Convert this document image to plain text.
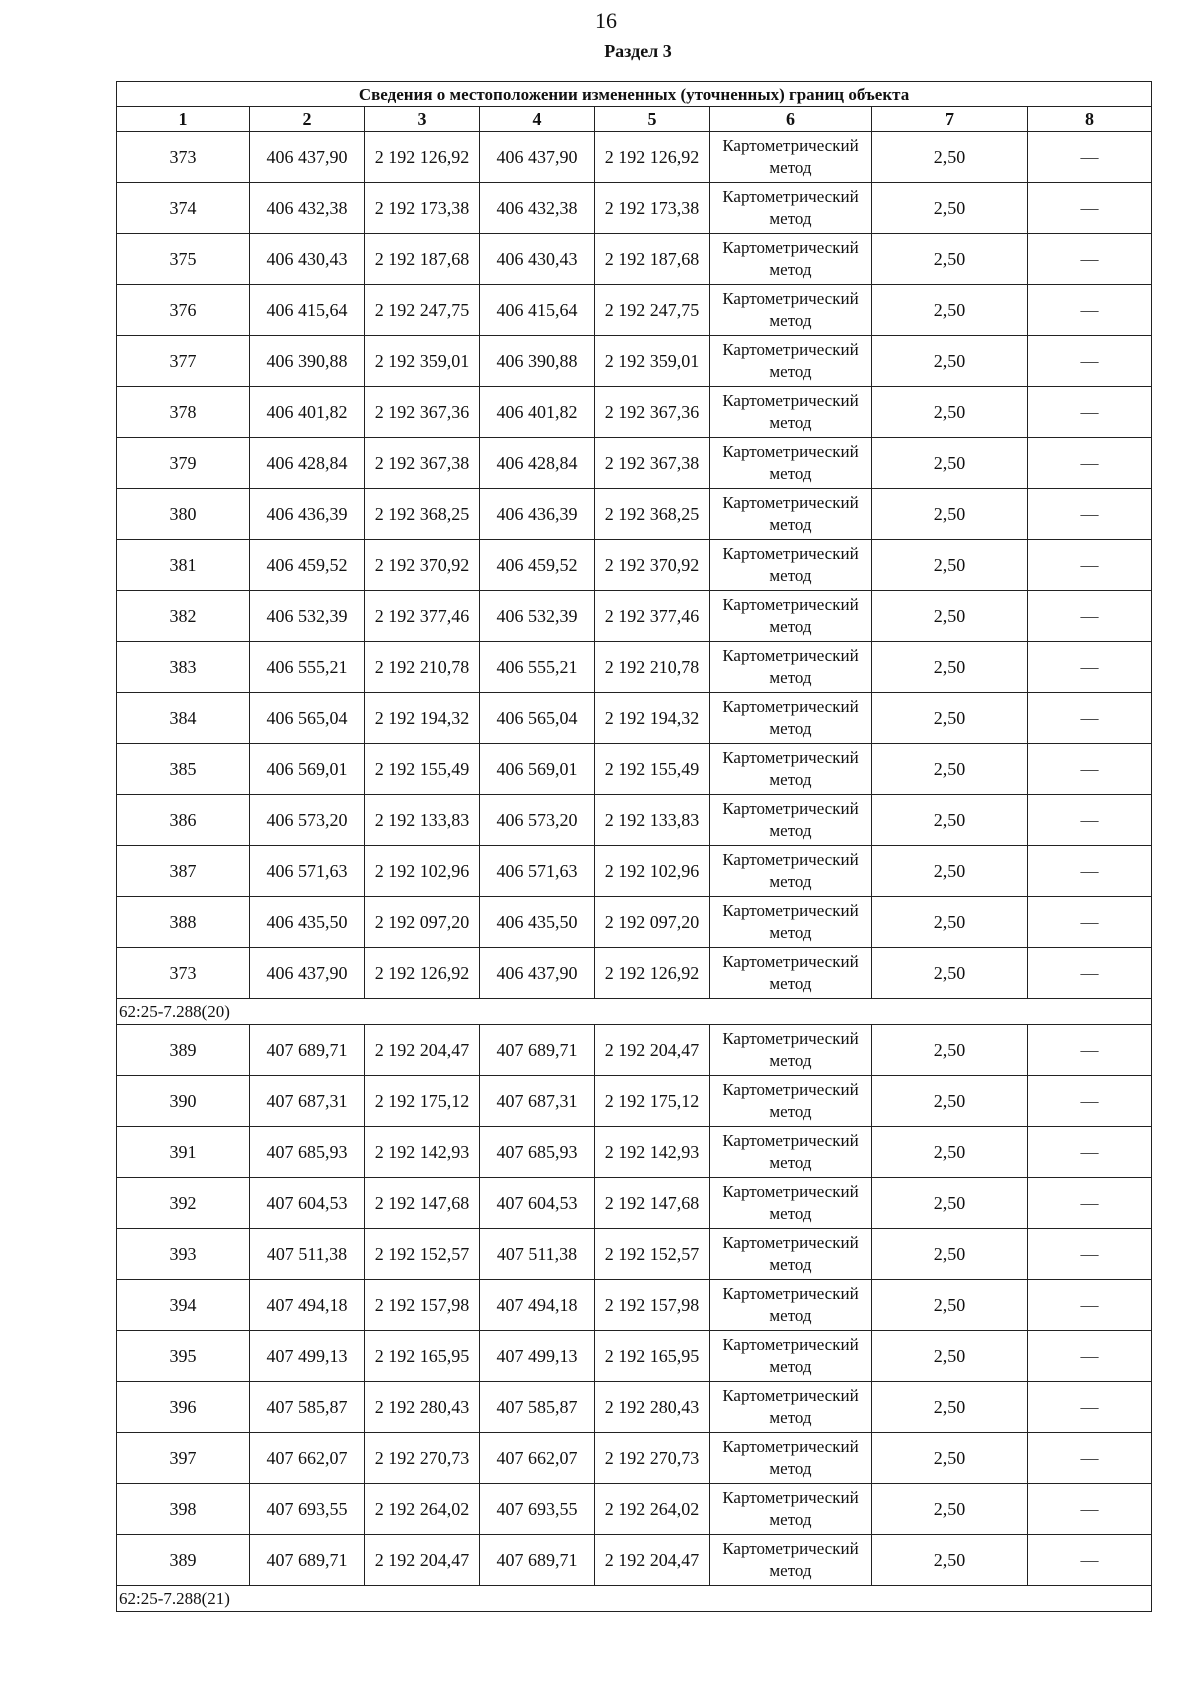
16
Раздел 3
Сведения о местоположении измененных (уточненных) границ объекта							
1	2	3	4	5	6	7	8
373	406 437,90	2 192 126,92	406 437,90	2 192 126,92	Картометрический метод	2,50	—
374	406 432,38	2 192 173,38	406 432,38	2 192 173,38	Картометрический метод	2,50	—
375	406 430,43	2 192 187,68	406 430,43	2 192 187,68	Картометрический метод	2,50	—
376	406 415,64	2 192 247,75	406 415,64	2 192 247,75	Картометрический метод	2,50	—
377	406 390,88	2 192 359,01	406 390,88	2 192 359,01	Картометрический метод	2,50	—
378	406 401,82	2 192 367,36	406 401,82	2 192 367,36	Картометрический метод	2,50	—
379	406 428,84	2 192 367,38	406 428,84	2 192 367,38	Картометрический метод	2,50	—
380	406 436,39	2 192 368,25	406 436,39	2 192 368,25	Картометрический метод	2,50	—
381	406 459,52	2 192 370,92	406 459,52	2 192 370,92	Картометрический метод	2,50	—
382	406 532,39	2 192 377,46	406 532,39	2 192 377,46	Картометрический метод	2,50	—
383	406 555,21	2 192 210,78	406 555,21	2 192 210,78	Картометрический метод	2,50	—
384	406 565,04	2 192 194,32	406 565,04	2 192 194,32	Картометрический метод	2,50	—
385	406 569,01	2 192 155,49	406 569,01	2 192 155,49	Картометрический метод	2,50	—
386	406 573,20	2 192 133,83	406 573,20	2 192 133,83	Картометрический метод	2,50	—
387	406 571,63	2 192 102,96	406 571,63	2 192 102,96	Картометрический метод	2,50	—
388	406 435,50	2 192 097,20	406 435,50	2 192 097,20	Картометрический метод	2,50	—
373	406 437,90	2 192 126,92	406 437,90	2 192 126,92	Картометрический метод	2,50	—
62:25-7.288(20)							
389	407 689,71	2 192 204,47	407 689,71	2 192 204,47	Картометрический метод	2,50	—
390	407 687,31	2 192 175,12	407 687,31	2 192 175,12	Картометрический метод	2,50	—
391	407 685,93	2 192 142,93	407 685,93	2 192 142,93	Картометрический метод	2,50	—
392	407 604,53	2 192 147,68	407 604,53	2 192 147,68	Картометрический метод	2,50	—
393	407 511,38	2 192 152,57	407 511,38	2 192 152,57	Картометрический метод	2,50	—
394	407 494,18	2 192 157,98	407 494,18	2 192 157,98	Картометрический метод	2,50	—
395	407 499,13	2 192 165,95	407 499,13	2 192 165,95	Картометрический метод	2,50	—
396	407 585,87	2 192 280,43	407 585,87	2 192 280,43	Картометрический метод	2,50	—
397	407 662,07	2 192 270,73	407 662,07	2 192 270,73	Картометрический метод	2,50	—
398	407 693,55	2 192 264,02	407 693,55	2 192 264,02	Картометрический метод	2,50	—
389	407 689,71	2 192 204,47	407 689,71	2 192 204,47	Картометрический метод	2,50	—
62:25-7.288(21)							
